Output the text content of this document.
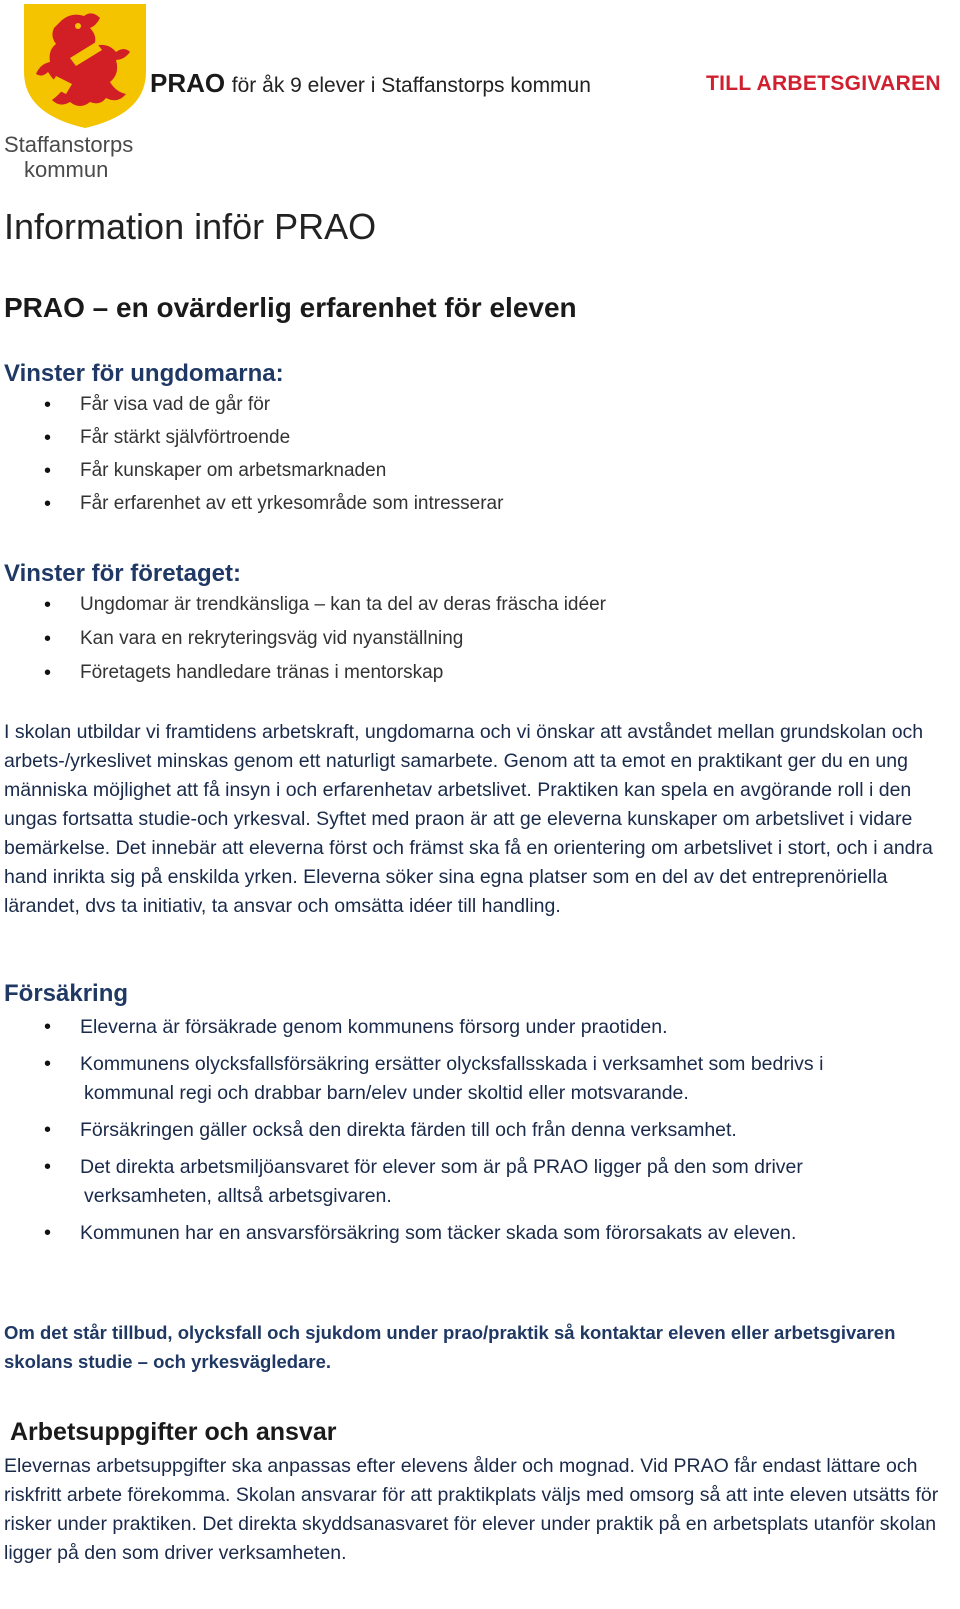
Staffanstorps
kommun
PRAO för åk 9 elever i Staffanstorps kommun	TILL ARBETSGIVAREN
Information inför PRAO
PRAO – en ovärderlig erfarenhet för eleven
Vinster för ungdomarna:
• Får visa vad de går för
• Får stärkt självförtroende
• Får kunskaper om arbetsmarknaden
• Får erfarenhet av ett yrkesområde som intresserar
Vinster för företaget:
• Ungdomar är trendkänsliga – kan ta del av deras fräscha idéer
• Kan vara en rekryteringsväg vid nyanställning
• Företagets handledare tränas i mentorskap
I skolan utbildar vi framtidens arbetskraft, ungdomarna och vi önskar att avståndet mellan grundskolan och arbets-/yrkeslivet minskas genom ett naturligt samarbete. Genom att ta emot en praktikant ger du en ung människa möjlighet att få insyn i och erfarenhetav arbetslivet. Praktiken kan spela en avgörande roll i den ungas fortsatta studie-och yrkesval. Syftet med praon är att ge eleverna kunskaper om arbetslivet i vidare bemärkelse. Det innebär att eleverna först och främst ska få en orientering om arbetslivet i stort, och i andra hand inrikta sig på enskilda yrken. Eleverna söker sina egna platser som en del av det entreprenöriella lärandet, dvs ta initiativ, ta ansvar och omsätta idéer till handling.
Försäkring
• Eleverna är försäkrade genom kommunens försorg under praotiden.
• Kommunens olycksfallsförsäkring ersätter olycksfallsskada i verksamhet som bedrivs i
kommunal regi och drabbar barn/elev under skoltid eller motsvarande.
• Försäkringen gäller också den direkta färden till och från denna verksamhet.
• Det direkta arbetsmiljöansvaret för elever som är på PRAO ligger på den som driver
verksamheten, alltså arbetsgivaren.
• Kommunen har en ansvarsförsäkring som täcker skada som förorsakats av eleven.
Om det står tillbud, olycksfall och sjukdom under prao/praktik så kontaktar eleven eller arbetsgivaren skolans studie – och yrkesvägledare.
Arbetsuppgifter och ansvar
Elevernas arbetsuppgifter ska anpassas efter elevens ålder och mognad. Vid PRAO får endast lättare och riskfritt arbete förekomma. Skolan ansvarar för att praktikplats väljs med omsorg så att inte eleven utsätts för risker under praktiken. Det direkta skyddsanasvaret för elever under praktik på en arbetsplats utanför skolan ligger på den som driver verksamheten.
